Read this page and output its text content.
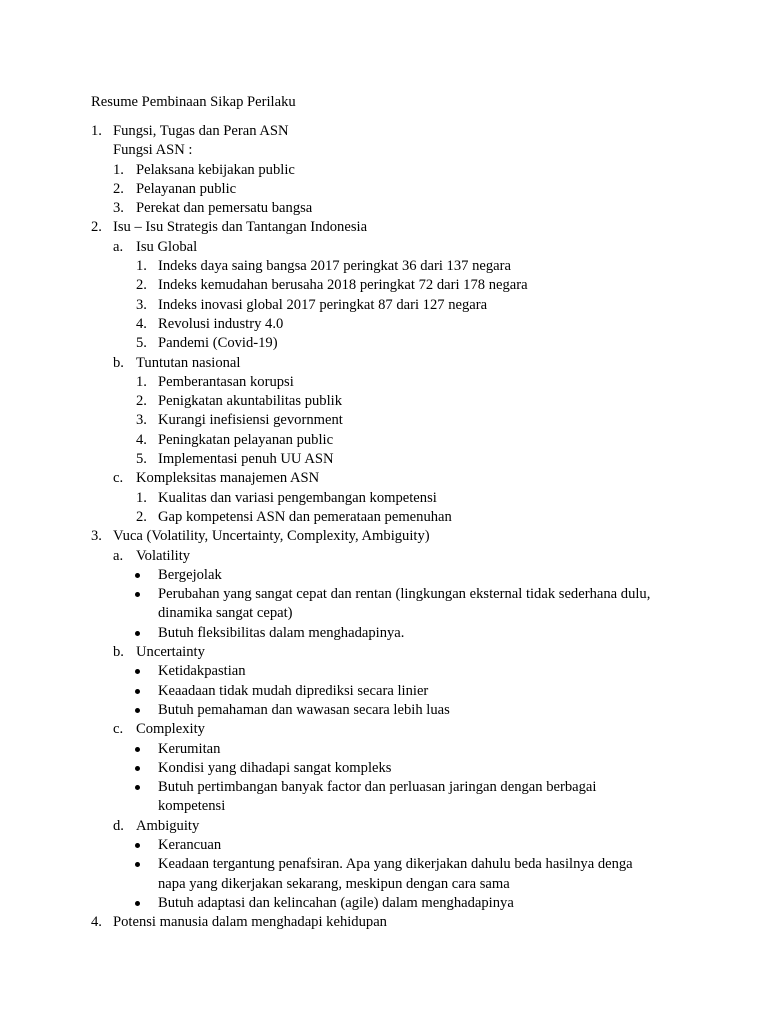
Resume Pembinaan Sikap Perilaku
1. Fungsi, Tugas dan Peran ASN
Fungsi ASN :
1. Pelaksana kebijakan public
2. Pelayanan public
3. Perekat dan pemersatu bangsa
2. Isu – Isu Strategis dan Tantangan Indonesia
a. Isu Global
1. Indeks daya saing bangsa 2017 peringkat 36 dari 137 negara
2. Indeks kemudahan berusaha 2018 peringkat 72 dari 178 negara
3. Indeks inovasi global 2017 peringkat 87 dari 127 negara
4. Revolusi industry 4.0
5. Pandemi (Covid-19)
b. Tuntutan nasional
1. Pemberantasan korupsi
2. Penigkatan akuntabilitas publik
3. Kurangi inefisiensi gevornment
4. Peningkatan pelayanan public
5. Implementasi penuh UU ASN
c. Kompleksitas manajemen ASN
1. Kualitas dan variasi pengembangan kompetensi
2. Gap kompetensi ASN dan pemerataan pemenuhan
3. Vuca (Volatility, Uncertainty, Complexity, Ambiguity)
a. Volatility
Bergejolak
Perubahan yang sangat cepat dan rentan (lingkungan eksternal tidak sederhana dulu,
dinamika sangat cepat)
Butuh fleksibilitas dalam menghadapinya.
b. Uncertainty
Ketidakpastian
Keaadaan tidak mudah diprediksi secara linier
Butuh pemahaman dan wawasan secara lebih luas
c. Complexity
Kerumitan
Kondisi yang dihadapi sangat kompleks
Butuh pertimbangan banyak factor dan perluasan jaringan dengan berbagai
kompetensi
d. Ambiguity
Kerancuan
Keadaan tergantung penafsiran. Apa yang dikerjakan dahulu beda hasilnya denga
napa yang dikerjakan sekarang, meskipun dengan cara sama
Butuh adaptasi dan kelincahan (agile) dalam menghadapinya
4. Potensi manusia dalam menghadapi kehidupan
